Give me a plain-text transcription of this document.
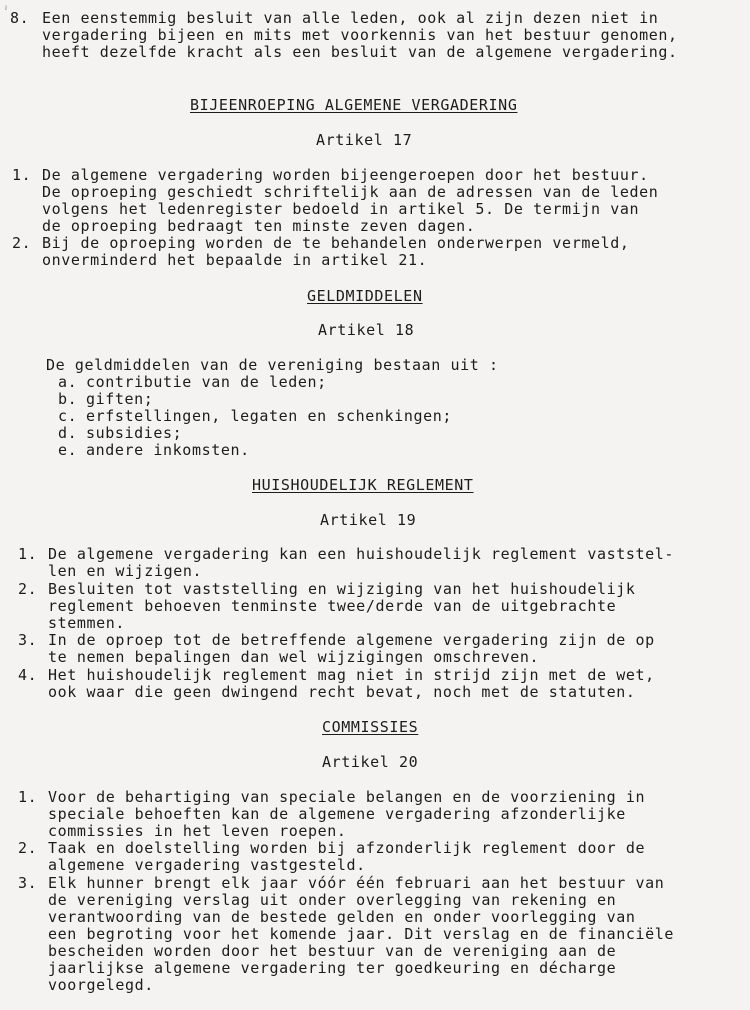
ⱼ
8. Een eenstemmig besluit van alle leden, ook al zijn dezen niet in
vergadering bijeen en mits met voorkennis van het bestuur genomen,
heeft dezelfde kracht als een besluit van de algemene vergadering.
BIJEENROEPING ALGEMENE VERGADERING
Artikel 17
1. De algemene vergadering worden bijeengeroepen door het bestuur.
De oproeping geschiedt schriftelijk aan de adressen van de leden
volgens het ledenregister bedoeld in artikel 5. De termijn van
de oproeping bedraagt ten minste zeven dagen.
2. Bij de oproeping worden de te behandelen onderwerpen vermeld,
onverminderd het bepaalde in artikel 21.
GELDMIDDELEN
Artikel 18
De geldmiddelen van de vereniging bestaan uit :
a. contributie van de leden;
b. giften;
c. erfstellingen, legaten en schenkingen;
d. subsidies;
e. andere inkomsten.
HUISHOUDELIJK REGLEMENT
Artikel 19
1. De algemene vergadering kan een huishoudelijk reglement vaststel-
len en wijzigen.
2. Besluiten tot vaststelling en wijziging van het huishoudelijk
reglement behoeven tenminste twee/derde van de uitgebrachte
stemmen.
3. In de oproep tot de betreffende algemene vergadering zijn de op
te nemen bepalingen dan wel wijzigingen omschreven.
4. Het huishoudelijk reglement mag niet in strijd zijn met de wet,
ook waar die geen dwingend recht bevat, noch met de statuten.
COMMISSIES
Artikel 20
1. Voor de behartiging van speciale belangen en de voorziening in
speciale behoeften kan de algemene vergadering afzonderlijke
commissies in het leven roepen.
2. Taak en doelstelling worden bij afzonderlijk reglement door de
algemene vergadering vastgesteld.
3. Elk hunner brengt elk jaar vóór één februari aan het bestuur van
de vereniging verslag uit onder overlegging van rekening en
verantwoording van de bestede gelden en onder voorlegging van
een begroting voor het komende jaar. Dit verslag en de financiële
bescheiden worden door het bestuur van de vereniging aan de
jaarlijkse algemene vergadering ter goedkeuring en décharge
voorgelegd.
